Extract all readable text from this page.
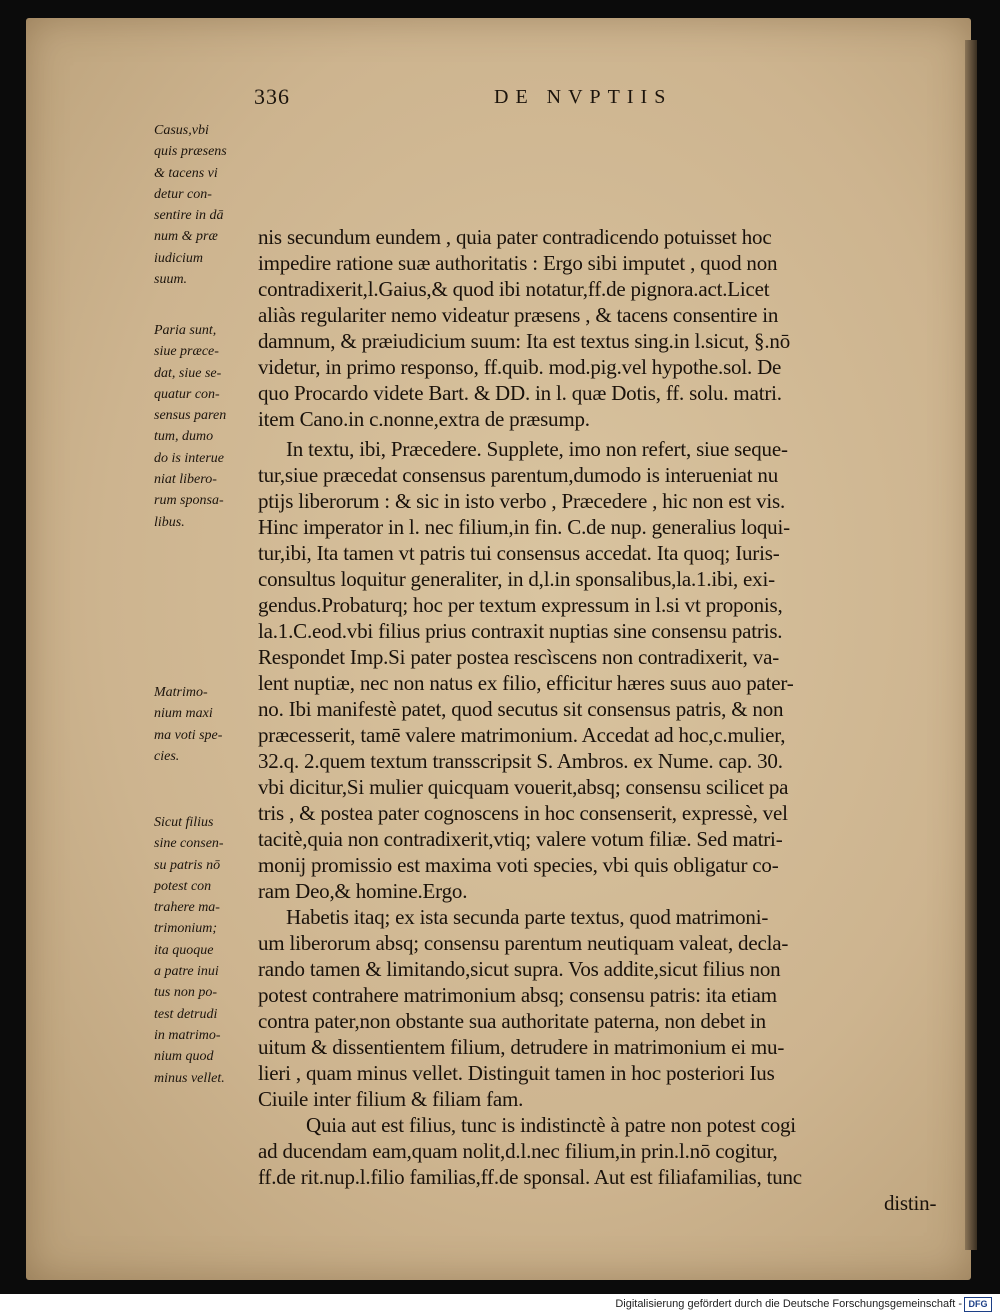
336	DE NVPTIIS
Casus,vbi
quis præsens
& tacens vi
detur con-
sentire in dā
num & præ
iudicium
suum.
Paria sunt,
siue præce-
dat, siue se-
quatur con-
sensus paren
tum, dumo
do is interue
niat libero-
rum sponsa-
libus.
Matrimo-
nium maxi
ma voti spe-
cies.
Sicut filius
sine consen-
su patris nō
potest con
trahere ma-
trimonium;
ita quoque
a patre inui
tus non po-
test detrudi
in matrimo-
nium quod
minus vellet.
nis secundum eundem , quia pater contradicendo potuisset hoc
impedire ratione suæ authoritatis : Ergo sibi imputet , quod non
contradixerit,l.Gaius,& quod ibi notatur,ff.de pignora.act.Licet
aliàs regulariter nemo videatur præsens , & tacens consentire in
damnum, & præiudicium suum: Ita est textus sing.in l.sicut, §.nō
videtur, in primo responso, ff.quib. mod.pig.vel hypothe.sol. De
quo Procardo videte Bart. & DD. in l. quæ Dotis, ff. solu. matri.
item Cano.in c.nonne,extra de præsump.
In textu, ibi, Præcedere. Supplete, imo non refert, siue seque-
tur,siue præcedat consensus parentum,dumodo is interueniat nu
ptijs liberorum : & sic in isto verbo , Præcedere , hic non est vis.
Hinc imperator in l. nec filium,in fin. C.de nup. generalius loqui-
tur,ibi, Ita tamen vt patris tui consensus accedat. Ita quoq; Iuris-
consultus loquitur generaliter, in d,l.in sponsalibus,la.1.ibi, exi-
gendus.Probaturq; hoc per textum expressum in l.si vt proponis,
la.1.C.eod.vbi filius prius contraxit nuptias sine consensu patris.
Respondet Imp.Si pater postea rescìscens non contradixerit, va-
lent nuptiæ, nec non natus ex filio, efficitur hæres suus auo pater-
no. Ibi manifestè patet, quod secutus sit consensus patris, & non
præcesserit, tamē valere matrimonium. Accedat ad hoc,c.mulier,
32.q. 2.quem textum transscripsit S. Ambros. ex Nume. cap. 30.
vbi dicitur,Si mulier quicquam vouerit,absq; consensu scilicet pa
tris , & postea pater cognoscens in hoc consenserit, expressè, vel
tacitè,quia non contradixerit,vtiq; valere votum filiæ. Sed matri-
monij promissio est maxima voti species, vbi quis obligatur co-
ram Deo,& homine.Ergo.
Habetis itaq; ex ista secunda parte textus, quod matrimoni-
um liberorum absq; consensu parentum neutiquam valeat, decla-
rando tamen & limitando,sicut supra. Vos addite,sicut filius non
potest contrahere matrimonium absq; consensu patris: ita etiam
contra pater,non obstante sua authoritate paterna, non debet in
uitum & dissentientem filium, detrudere in matrimonium ei mu-
lieri , quam minus vellet. Distinguit tamen in hoc posteriori Ius
Ciuile inter filium & filiam fam.
Quia aut est filius, tunc is indistinctè à patre non potest cogi
ad ducendam eam,quam nolit,d.l.nec filium,in prin.l.nō cogitur,
ff.de rit.nup.l.filio familias,ff.de sponsal. Aut est filiafamilias, tunc
distin-
Digitalisierung gefördert durch die Deutsche Forschungsgemeinschaft - DFG
